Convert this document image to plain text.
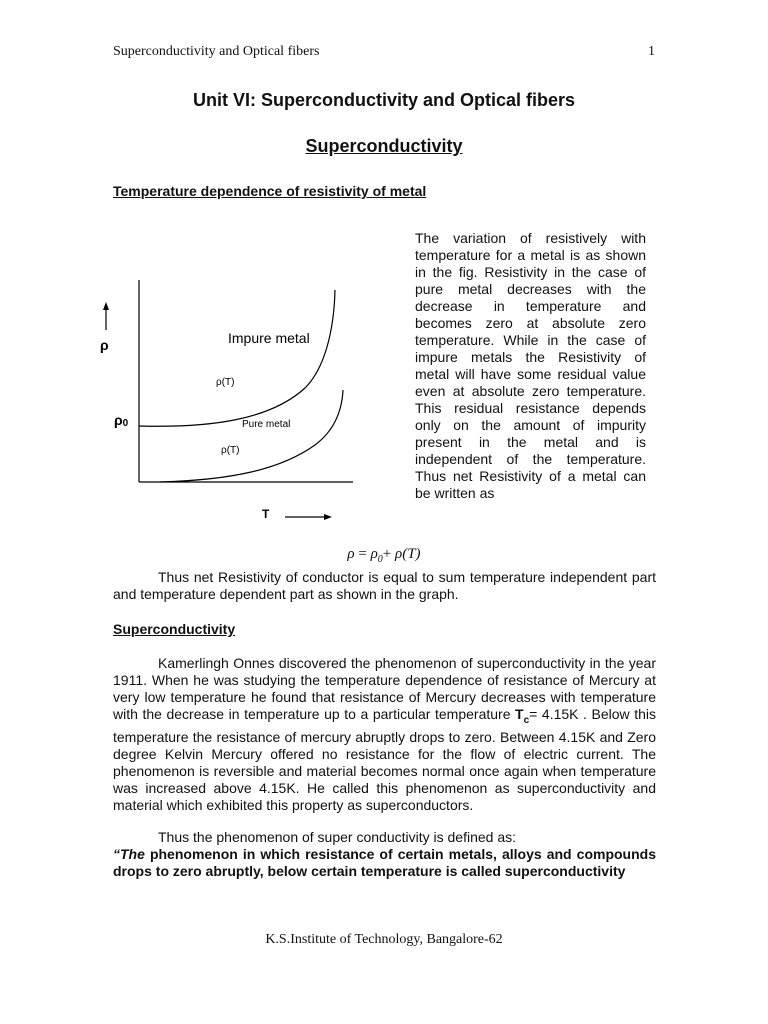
Superconductivity and Optical fibers	1
Unit VI: Superconductivity and Optical fibers
Superconductivity
Temperature dependence of resistivity of metal
ρ
ρ0
Impure metal
ρ(T)
Pure metal
ρ(T)
T
The variation of resistively with temperature for a metal is as shown in the fig. Resistivity in the case of pure metal decreases with the decrease in temperature and becomes zero at absolute zero temperature. While in the case of impure metals the Resistivity of metal will have some residual value even at absolute zero temperature. This residual resistance depends only on the amount of impurity present in the metal and is independent of the temperature. Thus net Resistivity of a metal can be written as
$\rho = \rho_0+ \rho(T)$
Thus net Resistivity of conductor is equal to sum temperature independent part and temperature dependent part as shown in the graph.
Superconductivity
Kamerlingh Onnes discovered the phenomenon of superconductivity in the year 1911. When he was studying the temperature dependence of resistance of Mercury at very low temperature he found that resistance of Mercury decreases with temperature with the decrease in temperature up to a particular temperature $T_c= 4.15K$ . Below this temperature the resistance of mercury abruptly drops to zero. Between 4.15K and Zero degree Kelvin Mercury offered no resistance for the flow of electric current. The phenomenon is reversible and material becomes normal once again when temperature was increased above 4.15K. He called this phenomenon as superconductivity and material which exhibited this property as superconductors.
Thus the phenomenon of super conductivity is defined as:
“The phenomenon in which resistance of certain metals, alloys and compounds drops to zero abruptly, below certain temperature is called superconductivity
K.S.Institute of Technology, Bangalore-62
